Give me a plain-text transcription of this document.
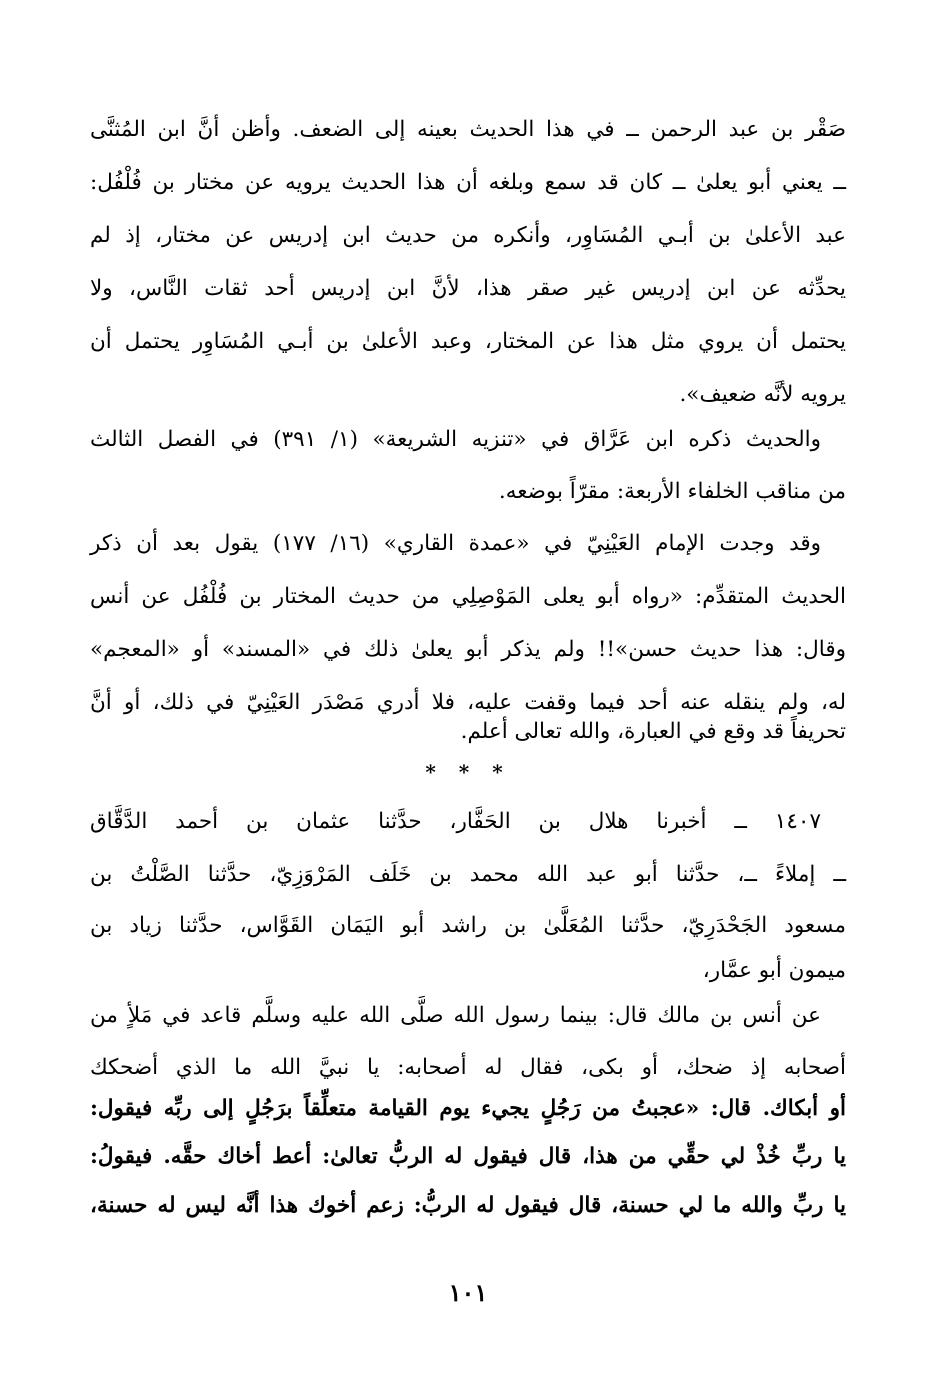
صَقْر بن عبد الرحمن ــ في هذا الحديث بعينه إلى الضعف. وأظن أنَّ ابن المُثنَّى
ــ يعني أبو يعلىٰ ــ كان قد سمع وبلغه أن هذا الحديث يرويه عن مختار بن فُلْفُل:
عبد الأعلىٰ بن أبـي المُسَاوِر، وأنكره من حديث ابن إدريس عن مختار، إذ لم
يحدِّثه عن ابن إدريس غير صقر هذا، لأنَّ ابن إدريس أحد ثقات النَّاس، ولا
يحتمل أن يروي مثل هذا عن المختار، وعبد الأعلىٰ بن أبـي المُسَاوِر يحتمل أن
يرويه لأنَّه ضعيف».
والحديث ذكره ابن عَرَّاق في «تنزيه الشريعة» (١/ ٣٩١) في الفصل الثالث
من مناقب الخلفاء الأربعة: مقرّاً بوضعه.
وقد وجدت الإمام العَيْنِيّ في «عمدة القاري» (١٦/ ١٧٧) يقول بعد أن ذكر
الحديث المتقدِّم: «رواه أبو يعلى المَوْصِلِي من حديث المختار بن فُلْفُل عن أنس
وقال: هذا حديث حسن»!! ولم يذكر أبو يعلىٰ ذلك في «المسند» أو «المعجم»
له، ولم ينقله عنه أحد فيما وقفت عليه، فلا أدري مَصْدَر العَيْنِيّ في ذلك، أو أنَّ
تحريفاً قد وقع في العبارة، والله تعالى أعلم.
* * *
١٤٠٧ ــ أخبرنا هلال بن الحَفَّار، حدَّثنا عثمان بن أحمد الدَّقَّاق
ــ إملاءً ــ، حدَّثنا أبو عبد الله محمد بن خَلَف المَرْوَزِيّ، حدَّثنا الصَّلْتُ بن
مسعود الجَحْدَرِيّ، حدَّثنا المُعَلَّىٰ بن راشد أبو اليَمَان القَوَّاس، حدَّثنا زياد بن
ميمون أبو عمَّار،
عن أنس بن مالك قال: بينما رسول الله صلَّى الله عليه وسلَّم قاعد في مَلأٍ من
أصحابه إذ ضحك، أو بكى، فقال له أصحابه: يا نبيَّ الله ما الذي أضحكك
أو أبكاك. قال: «عجبتُ من رَجُلٍ يجيء يوم القيامة متعلِّقاً برَجُلٍ إلى ربِّه فيقول:
يا ربِّ خُذْ لي حقِّي من هذا، قال فيقول له الربُّ تعالىٰ: أعط أخاك حقَّه. فيقولُ:
يا ربِّ والله ما لي حسنة، قال فيقول له الربُّ: زعم أخوك هذا أنَّه ليس له حسنة،
١٠١
